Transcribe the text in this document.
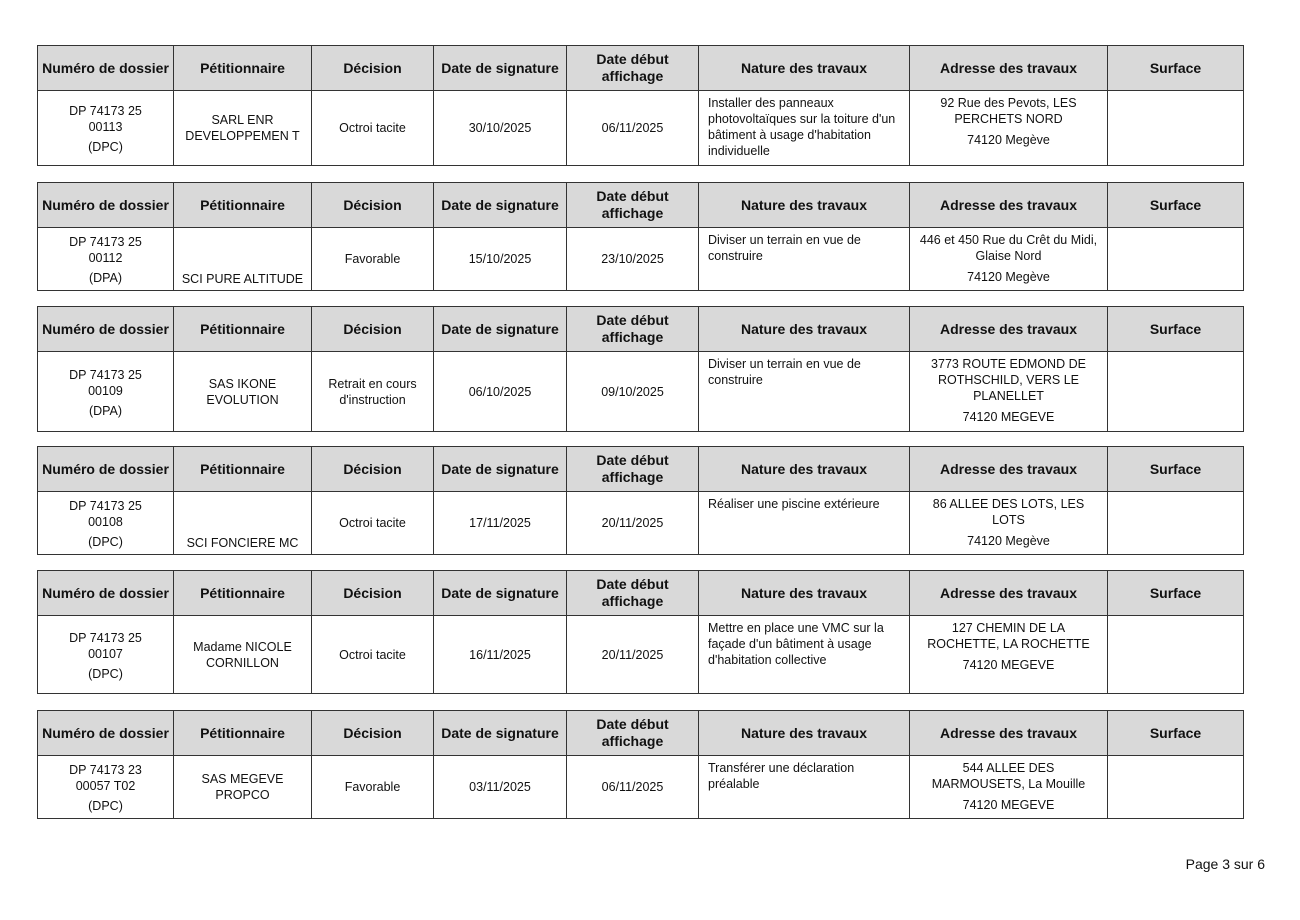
Numéro de dossier	Pétitionnaire	Décision	Date de signature	Date début affichage	Nature des travaux	Adresse des travaux	Surface

DP 74173 25
00113
(DPC)	SARL ENR DEVELOPPEMEN T	Octroi tacite	30/10/2025	06/11/2025	Installer des panneaux photovoltaïques sur la toiture d'un bâtiment à usage d'habitation individuelle	92 Rue des Pevots, LES PERCHETS NORD
74120 Megève	

Numéro de dossier	Pétitionnaire	Décision	Date de signature	Date début affichage	Nature des travaux	Adresse des travaux	Surface

DP 74173 25
00112
(DPA)	SCI PURE ALTITUDE	Favorable	15/10/2025	23/10/2025	Diviser un terrain en vue de construire	446 et 450 Rue du Crêt du Midi, Glaise Nord
74120 Megève	

Numéro de dossier	Pétitionnaire	Décision	Date de signature	Date début affichage	Nature des travaux	Adresse des travaux	Surface

DP 74173 25
00109
(DPA)	SAS IKONE EVOLUTION	Retrait en cours d'instruction	06/10/2025	09/10/2025	Diviser un terrain en vue de construire	3773 ROUTE EDMOND DE ROTHSCHILD, VERS LE PLANELLET
74120 MEGEVE	

Numéro de dossier	Pétitionnaire	Décision	Date de signature	Date début affichage	Nature des travaux	Adresse des travaux	Surface

DP 74173 25
00108
(DPC)	SCI FONCIERE MC	Octroi tacite	17/11/2025	20/11/2025	Réaliser une piscine extérieure	86 ALLEE DES LOTS, LES LOTS
74120 Megève	

Numéro de dossier	Pétitionnaire	Décision	Date de signature	Date début affichage	Nature des travaux	Adresse des travaux	Surface

DP 74173 25
00107
(DPC)	Madame NICOLE CORNILLON	Octroi tacite	16/11/2025	20/11/2025	Mettre en place une VMC sur la façade d'un bâtiment à usage d'habitation collective	127 CHEMIN DE LA ROCHETTE, LA ROCHETTE
74120 MEGEVE	

Numéro de dossier	Pétitionnaire	Décision	Date de signature	Date début affichage	Nature des travaux	Adresse des travaux	Surface

DP 74173 23
00057 T02
(DPC)	SAS MEGEVE PROPCO	Favorable	03/11/2025	06/11/2025	Transférer une déclaration préalable	544 ALLEE DES MARMOUSETS, La Mouille
74120 MEGEVE	

Page 3 sur 6
